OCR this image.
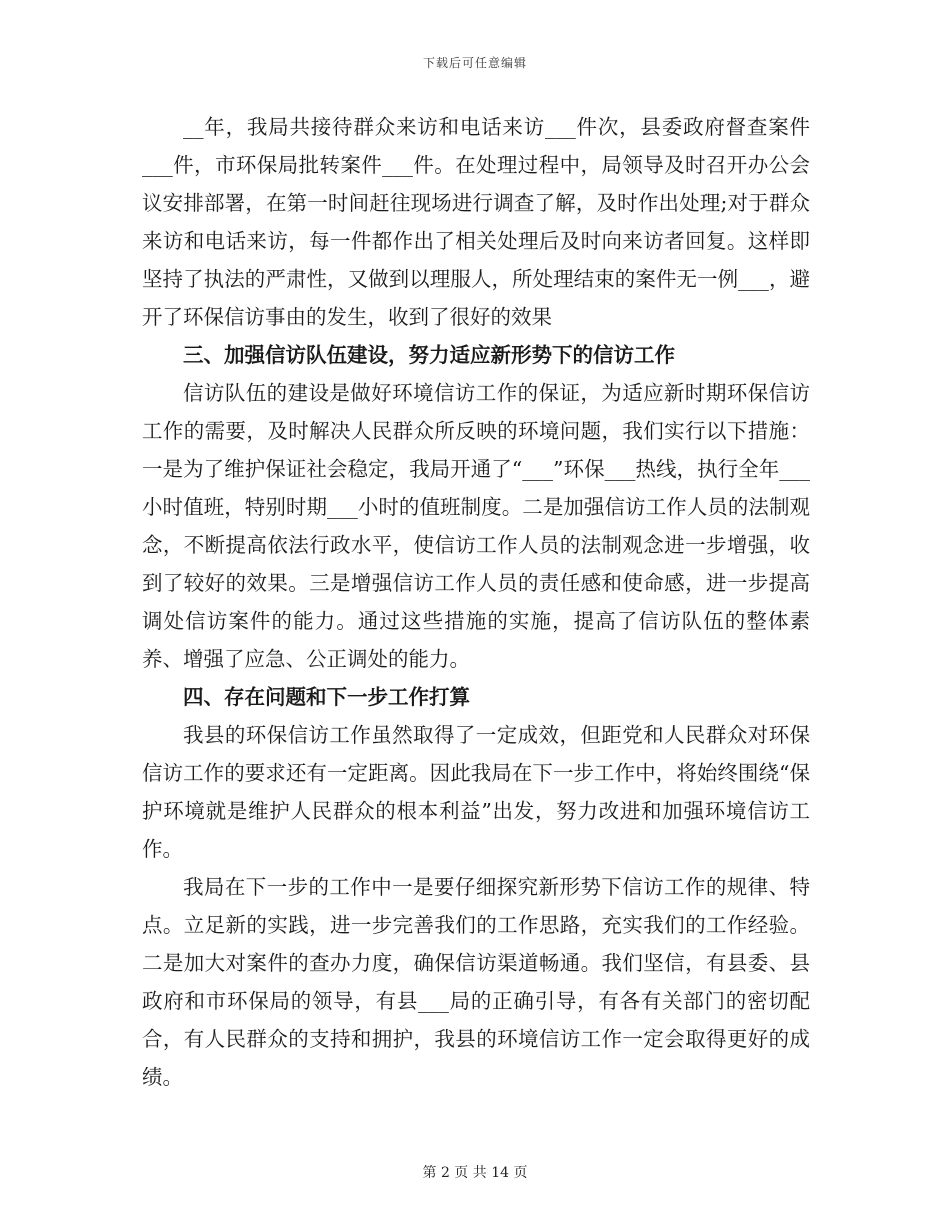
下载后可任意编辑

__年，我局共接待群众来访和电话来访___件次，县委政府督查案件___件，市环保局批转案件___件。在处理过程中，局领导及时召开办公会议安排部署，在第一时间赶往现场进行调查了解，及时作出处理;对于群众来访和电话来访，每一件都作出了相关处理后及时向来访者回复。这样即坚持了执法的严肃性，又做到以理服人，所处理结束的案件无一例___，避开了环保信访事由的发生，收到了很好的效果

三、加强信访队伍建设，努力适应新形势下的信访工作

信访队伍的建设是做好环境信访工作的保证，为适应新时期环保信访工作的需要，及时解决人民群众所反映的环境问题，我们实行以下措施：一是为了维护保证社会稳定，我局开通了“___”环保___热线，执行全年___小时值班，特别时期___小时的值班制度。二是加强信访工作人员的法制观念，不断提高依法行政水平，使信访工作人员的法制观念进一步增强，收到了较好的效果。三是增强信访工作人员的责任感和使命感，进一步提高调处信访案件的能力。通过这些措施的实施，提高了信访队伍的整体素养、增强了应急、公正调处的能力。

四、存在问题和下一步工作打算

我县的环保信访工作虽然取得了一定成效，但距党和人民群众对环保信访工作的要求还有一定距离。因此我局在下一步工作中，将始终围绕“保护环境就是维护人民群众的根本利益”出发，努力改进和加强环境信访工作。

我局在下一步的工作中一是要仔细探究新形势下信访工作的规律、特点。立足新的实践，进一步完善我们的工作思路，充实我们的工作经验。二是加大对案件的查办力度，确保信访渠道畅通。我们坚信，有县委、县政府和市环保局的领导，有县___局的正确引导，有各有关部门的密切配合，有人民群众的支持和拥护，我县的环境信访工作一定会取得更好的成绩。

第 2 页 共 14 页
